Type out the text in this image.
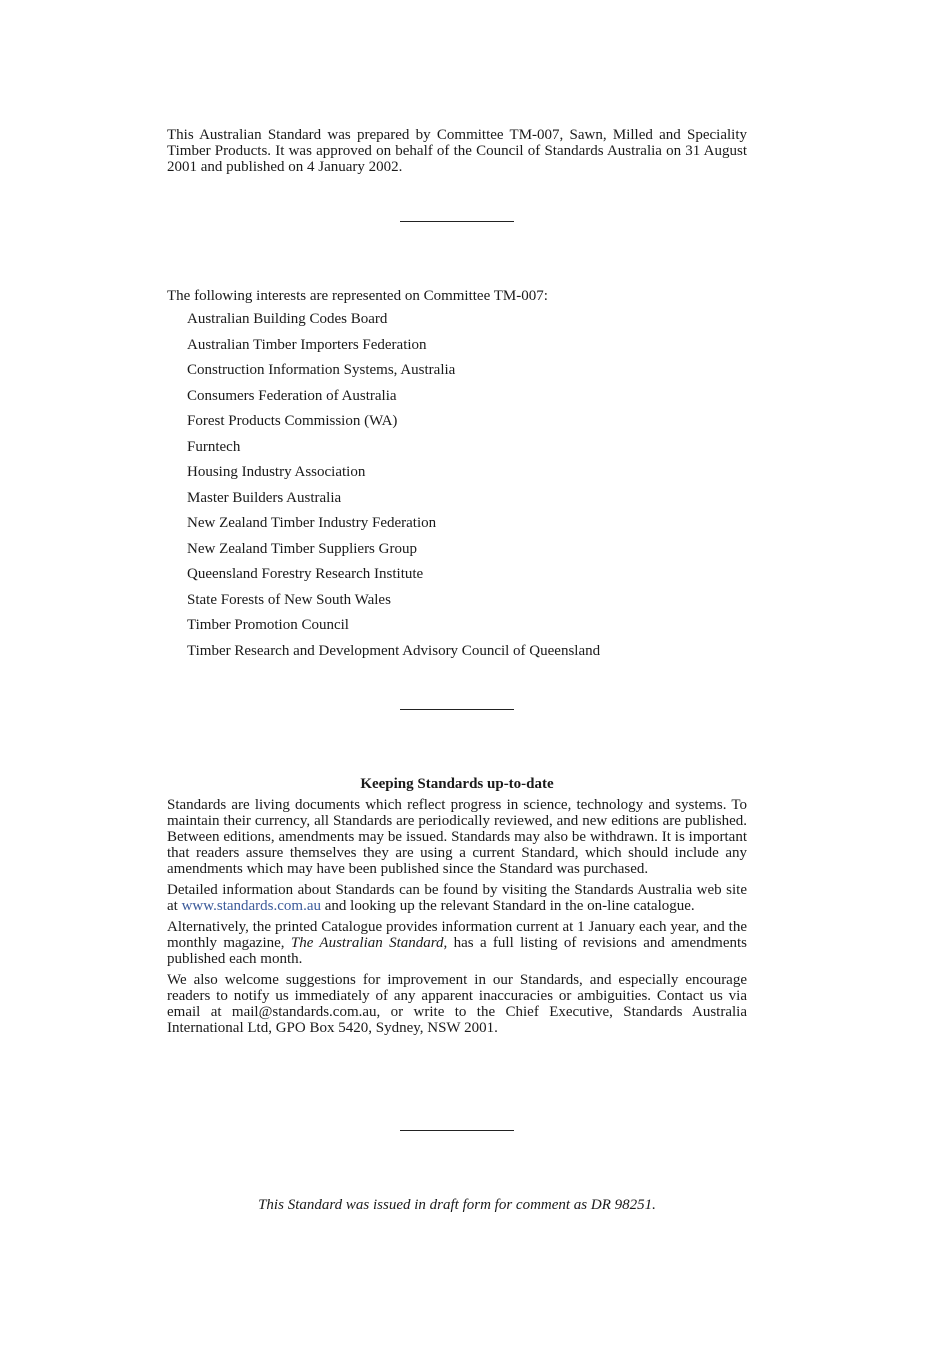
This Australian Standard was prepared by Committee TM-007, Sawn, Milled and Speciality Timber Products. It was approved on behalf of the Council of Standards Australia on 31 August 2001 and published on 4 January 2002.
The following interests are represented on Committee TM-007:
Australian Building Codes Board
Australian Timber Importers Federation
Construction Information Systems, Australia
Consumers Federation of Australia
Forest Products Commission (WA)
Furntech
Housing Industry Association
Master Builders Australia
New Zealand Timber Industry Federation
New Zealand Timber Suppliers Group
Queensland Forestry Research Institute
State Forests of New South Wales
Timber Promotion Council
Timber Research and Development Advisory Council of Queensland
Keeping Standards up-to-date

Standards are living documents which reflect progress in science, technology and systems. To maintain their currency, all Standards are periodically reviewed, and new editions are published. Between editions, amendments may be issued. Standards may also be withdrawn. It is important that readers assure themselves they are using a current Standard, which should include any amendments which may have been published since the Standard was purchased.

Detailed information about Standards can be found by visiting the Standards Australia web site at www.standards.com.au and looking up the relevant Standard in the on-line catalogue.

Alternatively, the printed Catalogue provides information current at 1 January each year, and the monthly magazine, The Australian Standard, has a full listing of revisions and amendments published each month.

We also welcome suggestions for improvement in our Standards, and especially encourage readers to notify us immediately of any apparent inaccuracies or ambiguities. Contact us via email at mail@standards.com.au, or write to the Chief Executive, Standards Australia International Ltd, GPO Box 5420, Sydney, NSW 2001.

This Standard was issued in draft form for comment as DR 98251.
